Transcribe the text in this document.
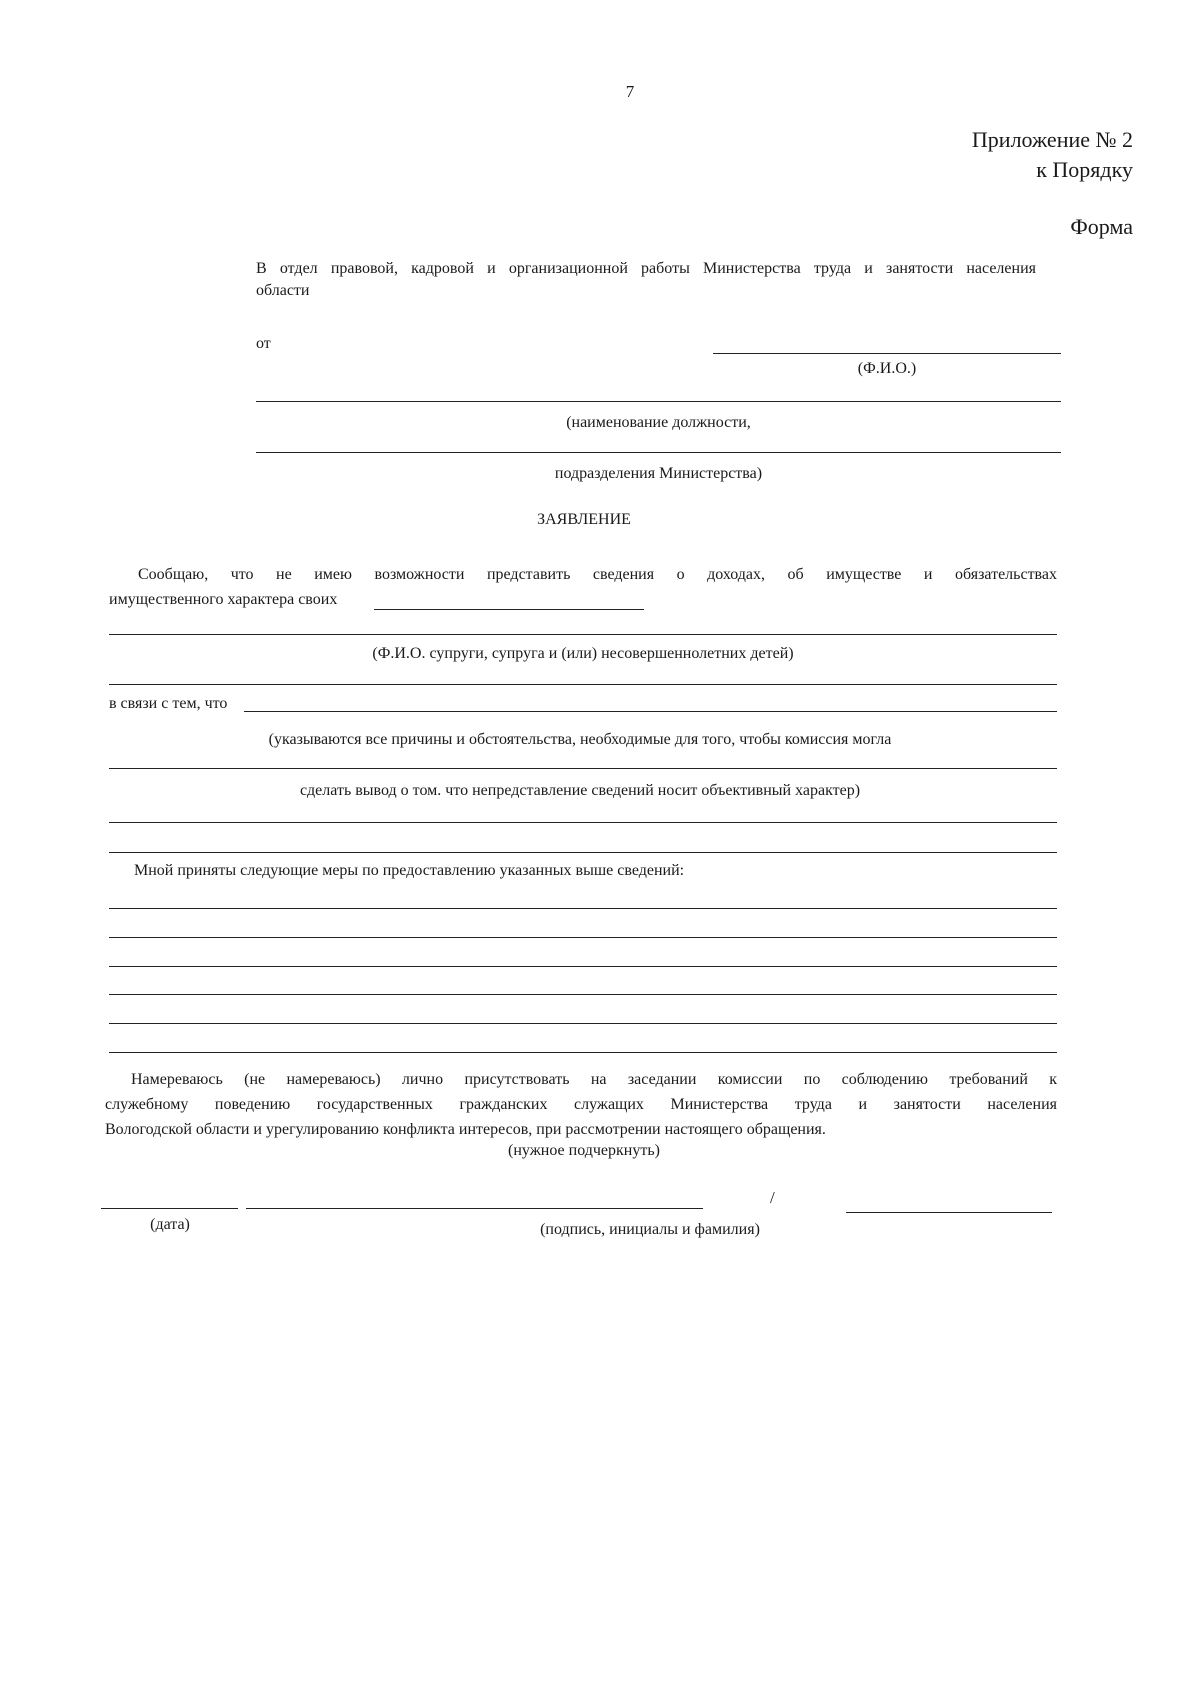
7
Приложение № 2
к Порядку
Форма
В отдел правовой, кадровой и организационной работы Министерства труда и занятости населения
области
от
(Ф.И.О.)
(наименование должности,
подразделения Министерства)
ЗАЯВЛЕНИЕ
Сообщаю, что не имею возможности представить сведения о доходах, об имуществе и обязательствах
имущественного характера своих
(Ф.И.О. супруги, супруга и (или) несовершеннолетних детей)
в связи с тем, что
(указываются все причины и обстоятельства, необходимые для того, чтобы комиссия могла
сделать вывод о том. что непредставление сведений носит объективный характер)
Мной приняты следующие меры по предоставлению указанных выше сведений:
Намереваюсь (не намереваюсь) лично присутствовать на заседании комиссии по соблюдению требований к
служебному поведению государственных гражданских служащих Министерства труда и занятости населения
Вологодской области и урегулированию конфликта интересов, при рассмотрении настоящего обращения.
(нужное подчеркнуть)
/
(дата)	(подпись, инициалы и фамилия)
